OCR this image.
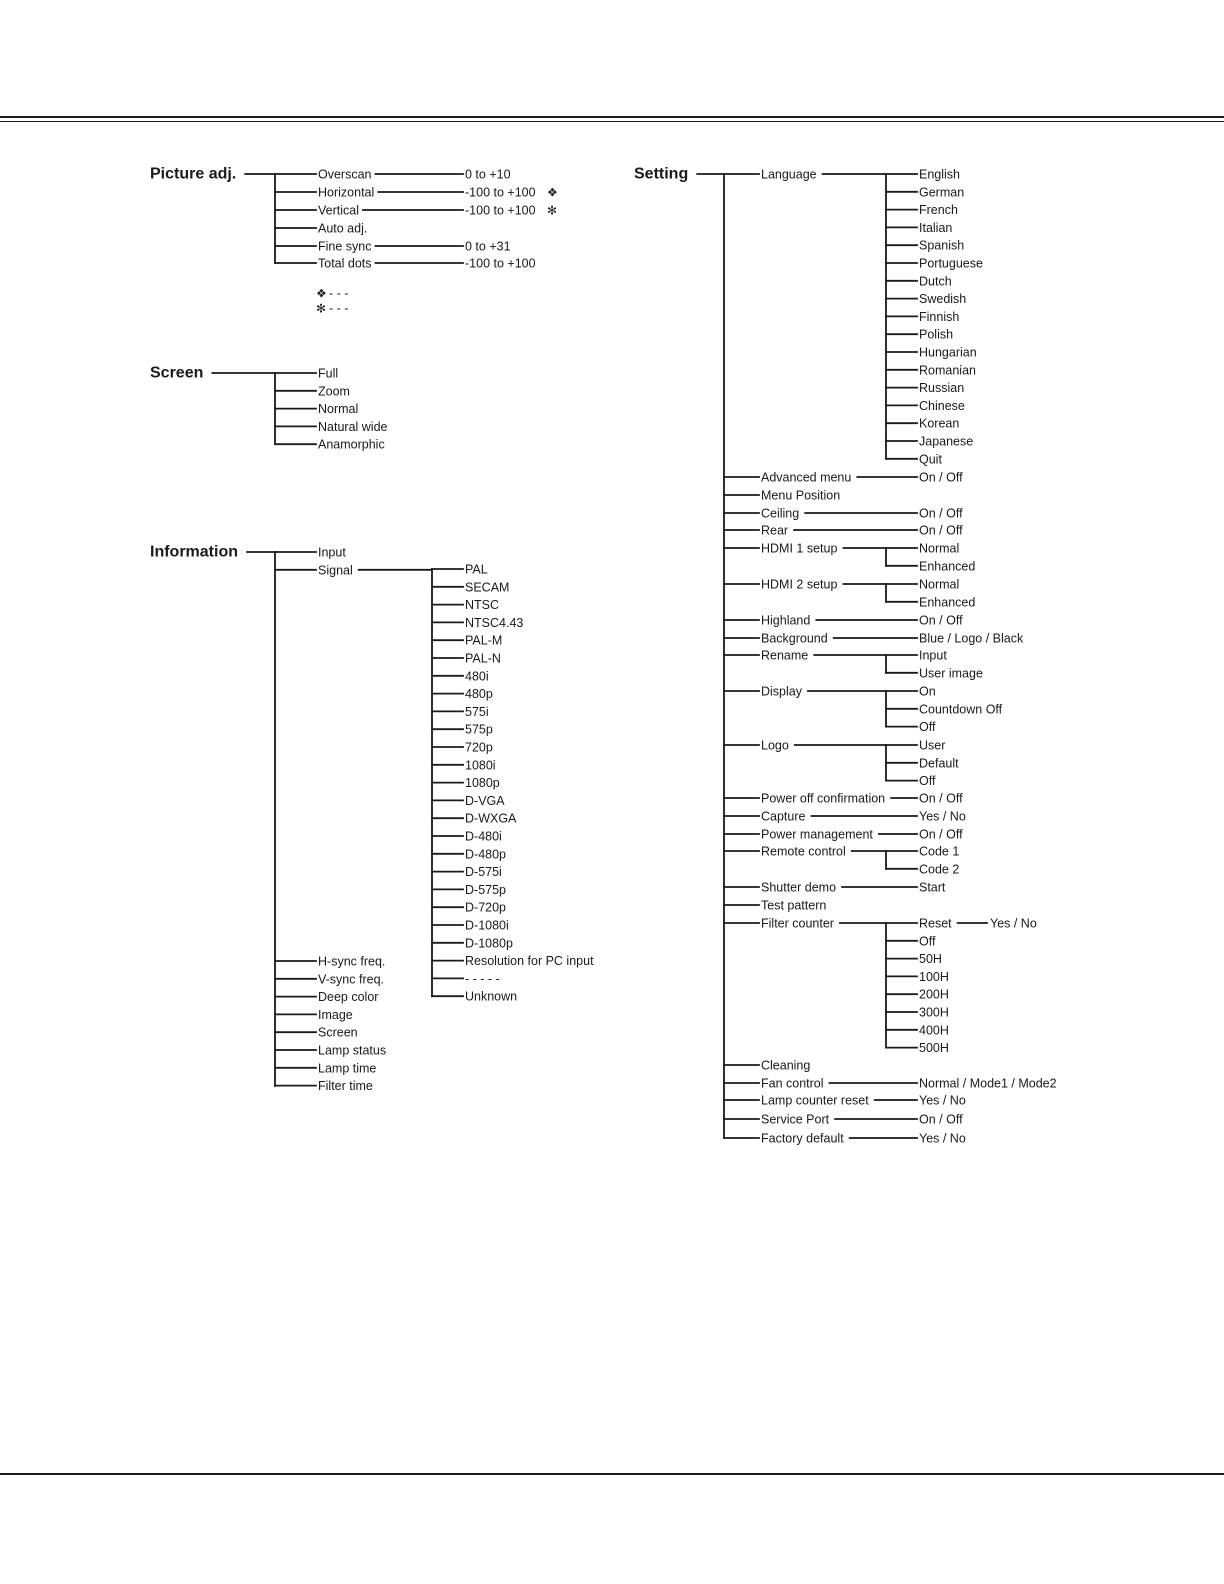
Picture adj.	Overscan	0 to +10
Horizontal	-100 to +100 ❖
Vertical	-100 to +100 ✻
Auto adj.
Fine sync	0 to +31
Total dots	-100 to +100
❖ - - -
✻ - - -
Screen	Full
Zoom
Normal
Natural wide
Anamorphic
Information	Input
Signal	PAL
SECAM
NTSC
NTSC4.43
PAL-M
PAL-N
480i
480p
575i
575p
720p
1080i
1080p
D-VGA
D-WXGA
D-480i
D-480p
D-575i
D-575p
D-720p
D-1080i
D-1080p
Resolution for PC input
- - - - -
Unknown
H-sync freq.
V-sync freq.
Deep color
Image
Screen
Lamp status
Lamp time
Filter time
Setting	Language	English
German
French
Italian
Spanish
Portuguese
Dutch
Swedish
Finnish
Polish
Hungarian
Romanian
Russian
Chinese
Korean
Japanese
Quit
Advanced menu	On / Off
Menu Position
Ceiling	On / Off
Rear	On / Off
HDMI 1 setup	Normal
Enhanced
HDMI 2 setup	Normal
Enhanced
Highland	On / Off
Background	Blue / Logo / Black
Rename	Input
User image
Display	On
Countdown Off
Off
Logo	User
Default
Off
Power off confirmation	On / Off
Capture	Yes / No
Power management	On / Off
Remote control	Code 1
Code 2
Shutter demo	Start
Test pattern
Filter counter	Reset	Yes / No
Off
50H
100H
200H
300H
400H
500H
Cleaning
Fan control	Normal / Mode1 / Mode2
Lamp counter reset	Yes / No
Service Port	On / Off
Factory default	Yes / No
